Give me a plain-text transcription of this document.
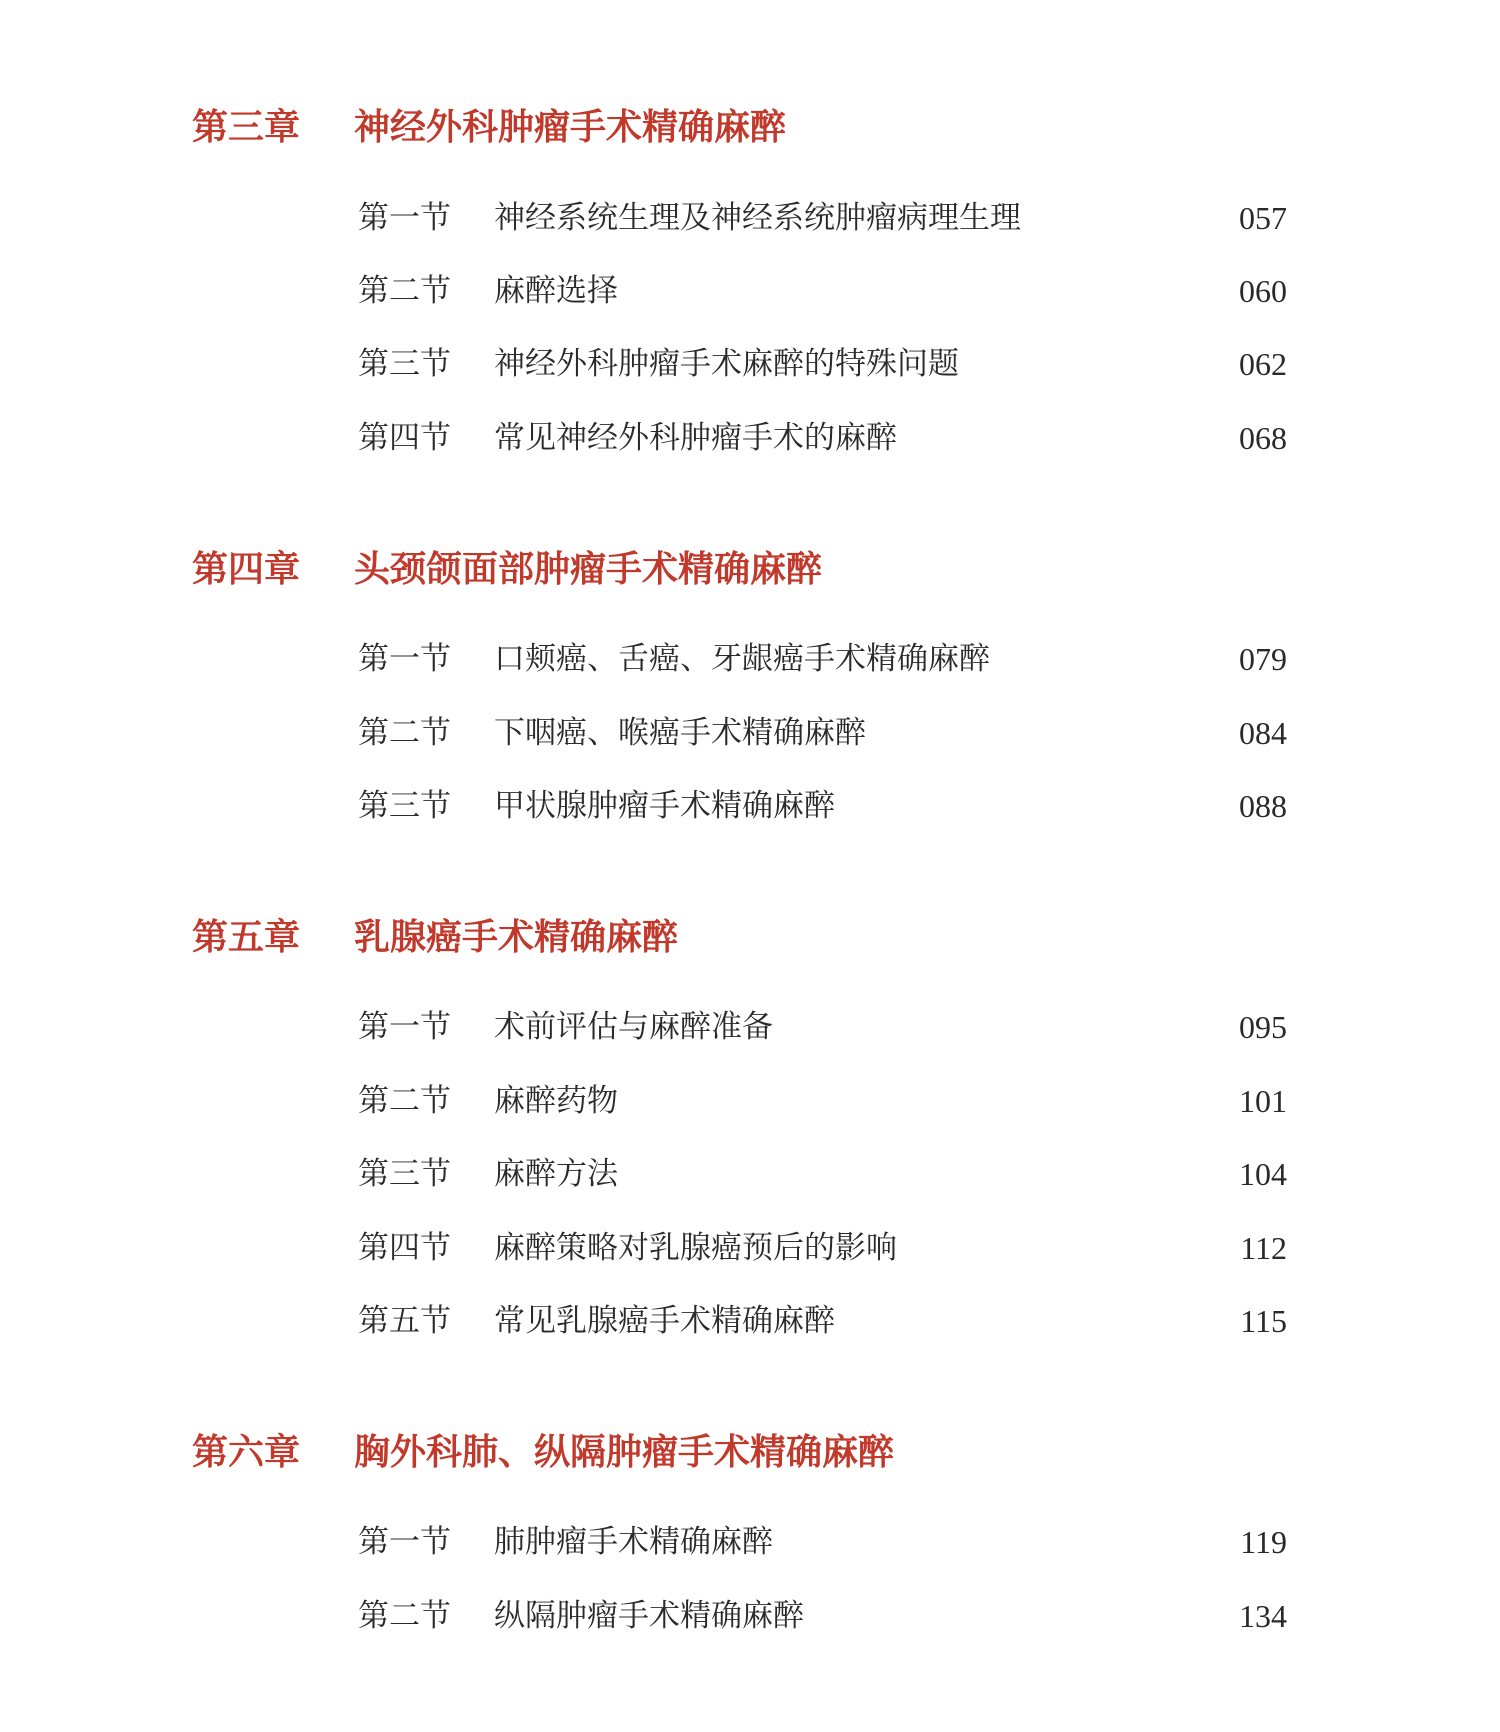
第三章 神经外科肿瘤手术精确麻醉
第一节 神经系统生理及神经系统肿瘤病理生理	057
第二节 麻醉选择	060
第三节 神经外科肿瘤手术麻醉的特殊问题	062
第四节 常见神经外科肿瘤手术的麻醉	068
第四章 头颈颌面部肿瘤手术精确麻醉
第一节 口颊癌、舌癌、牙龈癌手术精确麻醉	079
第二节 下咽癌、喉癌手术精确麻醉	084
第三节 甲状腺肿瘤手术精确麻醉	088
第五章 乳腺癌手术精确麻醉
第一节 术前评估与麻醉准备	095
第二节 麻醉药物	101
第三节 麻醉方法	104
第四节 麻醉策略对乳腺癌预后的影响	112
第五节 常见乳腺癌手术精确麻醉	115
第六章 胸外科肺、纵隔肿瘤手术精确麻醉
第一节 肺肿瘤手术精确麻醉	119
第二节 纵隔肿瘤手术精确麻醉	134
